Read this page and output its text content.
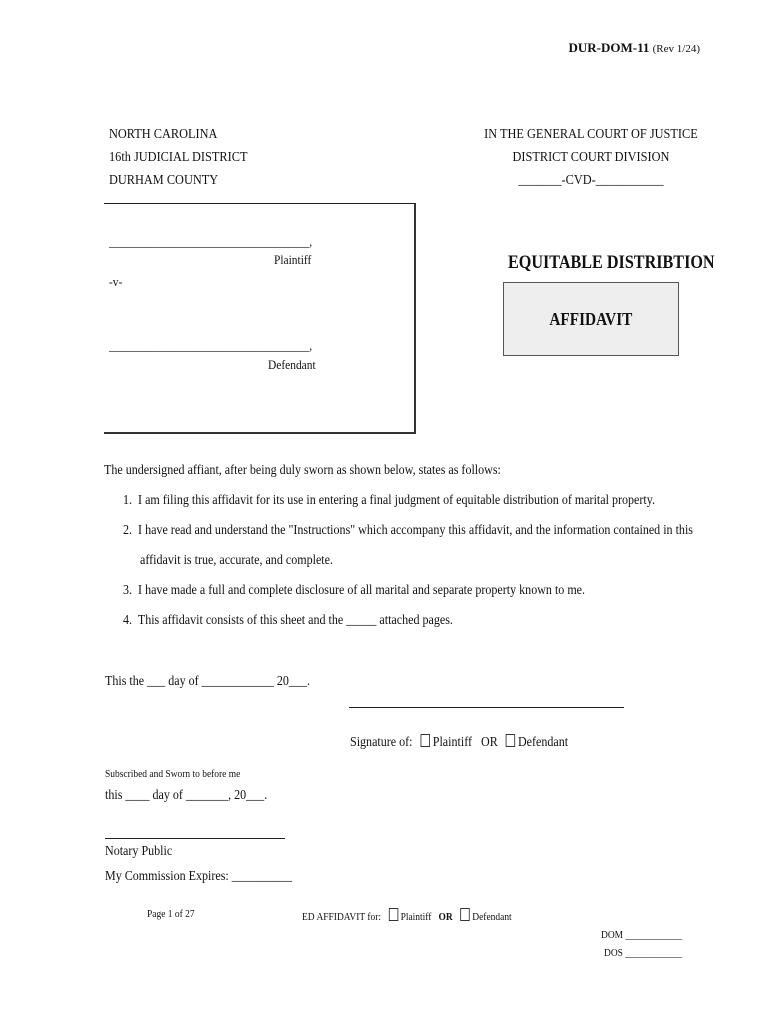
DUR-DOM-11 (Rev 1/24)
NORTH CAROLINA
16th JUDICIAL DISTRICT
DURHAM COUNTY
IN THE GENERAL COURT OF JUSTICE
DISTRICT COURT DIVISION
_______-CVD-___________
___________________________________,
Plaintiff
-v-
___________________________________,
Defendant
EQUITABLE DISTRIBTION
AFFIDAVIT
The undersigned affiant, after being duly sworn as shown below, states as follows:
1. I am filing this affidavit for its use in entering a final judgment of equitable distribution of marital property.
2. I have read and understand the "Instructions" which accompany this affidavit, and the information contained in this
affidavit is true, accurate, and complete.
3. I have made a full and complete disclosure of all marital and separate property known to me.
4. This affidavit consists of this sheet and the _____ attached pages.
This the ___ day of ____________ 20___.
Signature of: Plaintiff OR Defendant
Subscribed and Sworn to before me
this ____ day of _______, 20___.
Notary Public
My Commission Expires: __________
Page 1 of 27	ED AFFIDAVIT for: Plaintiff OR Defendant
DOM ____________
DOS ____________
